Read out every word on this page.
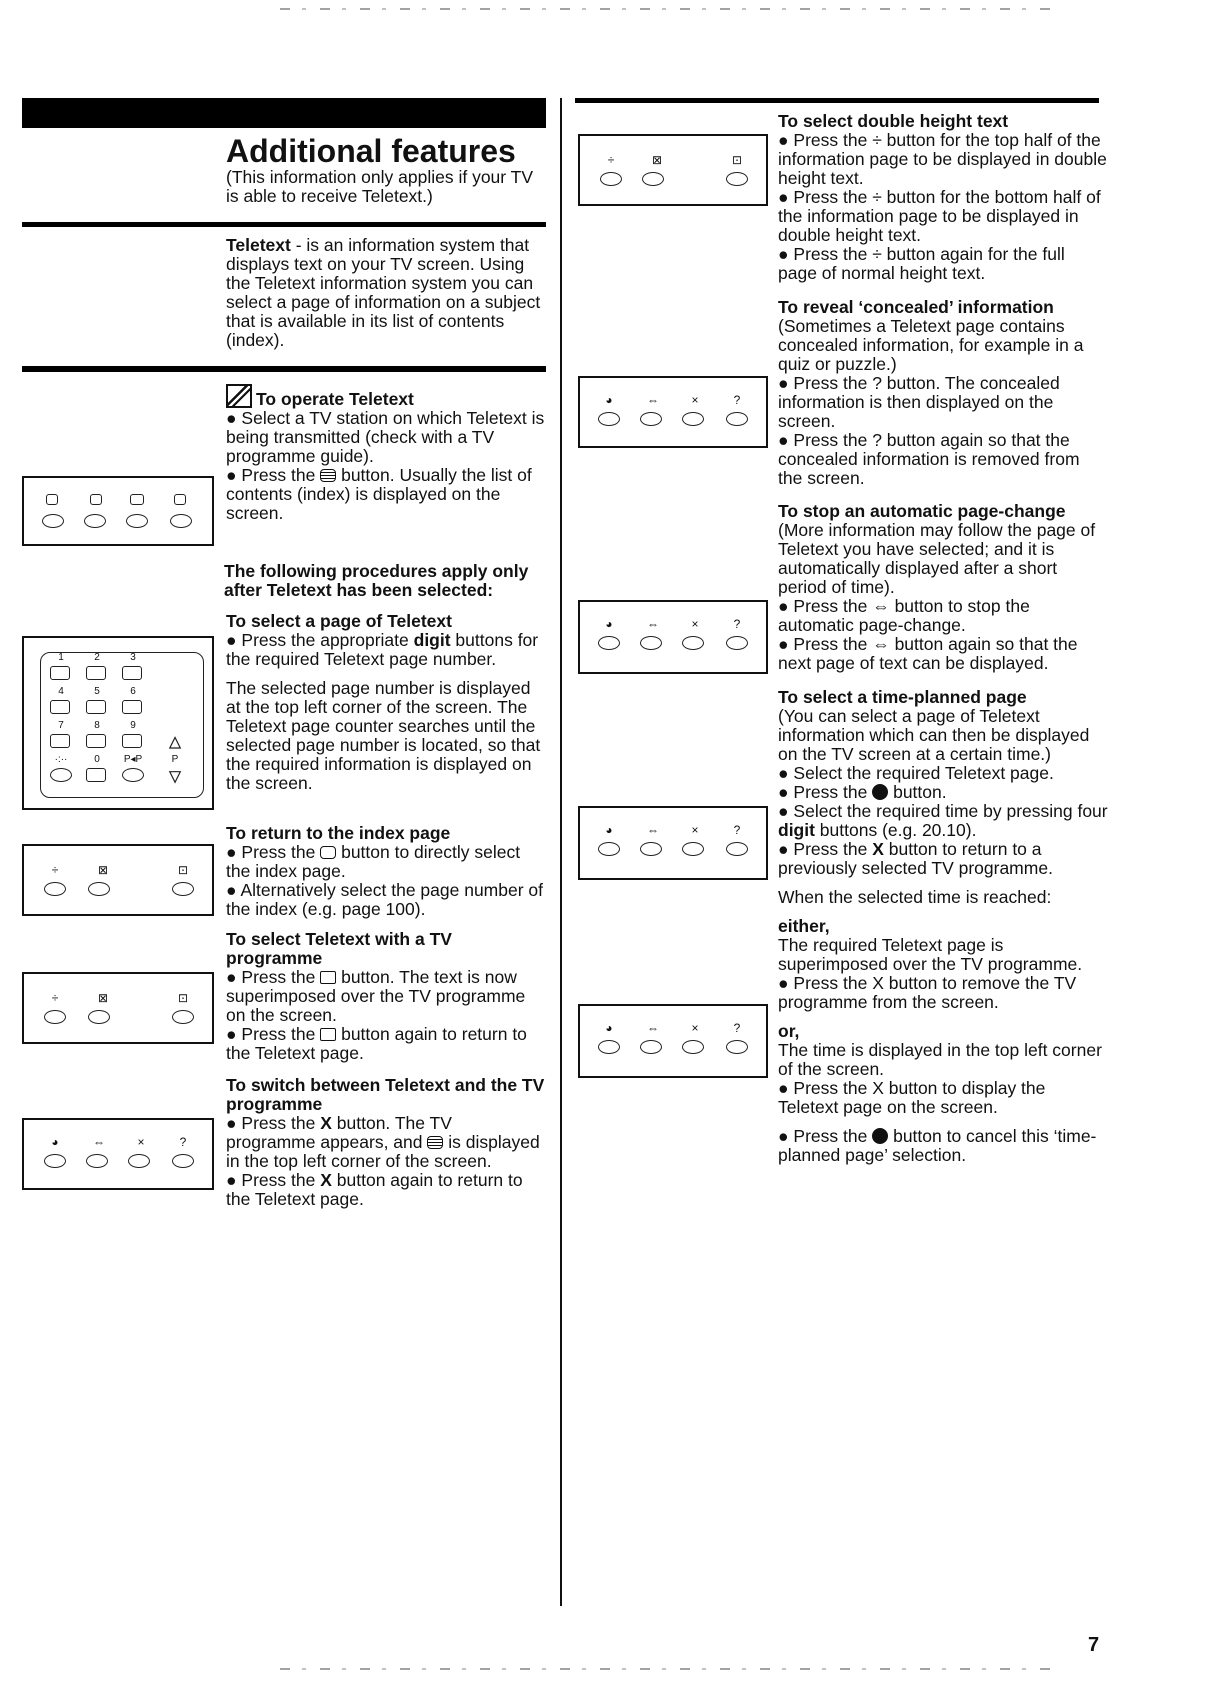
Additional features
(This information only applies if your TV is able to receive Teletext.)
Teletext - is an information system that displays text on your TV screen. Using the Teletext information system you can select a page of information on a subject that is available in its list of contents (index).

To operate Teletext

● Select a TV station on which Teletext is being transmitted (check with a TV programme guide).

● Press the  button. Usually the list of contents (index) is displayed on the screen.

The following procedures apply only after Teletext has been selected:

To select a page of Teletext

● Press the appropriate digit buttons for the required Teletext page number.

The selected page number is displayed at the top left corner of the screen. The Teletext page counter searches until the selected page number is located, so that the required information is displayed on the screen.

1	2	3
4	5	6
7	8	9
·:··	0	P◂P	P
▲
▼

To return to the index page

● Press the  button to directly select the index page.

● Alternatively select the page number of the index (e.g. page 100).

÷	⊠	⊡

To select Teletext with a TV programme

● Press the  button. The text is now superimposed over the TV programme on the screen.

● Press the  button again to return to the Teletext page.

÷	⊠	⊡

To switch between Teletext and the TV programme

● Press the X button. The TV programme appears, and  is displayed in the top left corner of the screen.

● Press the X button again to return to the Teletext page.

◕	⇔	×	?

To select double height text

● Press the ÷ button for the top half of the information page to be displayed in double height text.

● Press the ÷ button for the bottom half of the information page to be displayed in double height text.

● Press the ÷ button again for the full page of normal height text.

÷	⊠	⊡

To reveal ‘concealed’ information

(Sometimes a Teletext page contains concealed information, for example in a quiz or puzzle.)

● Press the ? button. The concealed information is then displayed on the screen.

● Press the ? button again so that the concealed information is removed from the screen.

◕	⇔	×	?

To stop an automatic page-change

(More information may follow the page of Teletext you have selected; and it is automatically displayed after a short period of time).

● Press the ⇔ button to stop the automatic page-change.

● Press the ⇔ button again so that the next page of text can be displayed.

◕	⇔	×	?

To select a time-planned page

(You can select a page of Teletext information which can then be displayed on the TV screen at a certain time.)

● Select the required Teletext page.

● Press the  button.

● Select the required time by pressing four digit buttons (e.g. 20.10).

● Press the X button to return to a previously selected TV programme.

When the selected time is reached:

either,

The required Teletext page is superimposed over the TV programme.

● Press the X button to remove the TV programme from the screen.

or,

The time is displayed in the top left corner of the screen.

● Press the X button to display the Teletext page on the screen.

● Press the  button to cancel this ‘time-planned page’ selection.

◕	⇔	×	?
◕	⇔	×	?
7
